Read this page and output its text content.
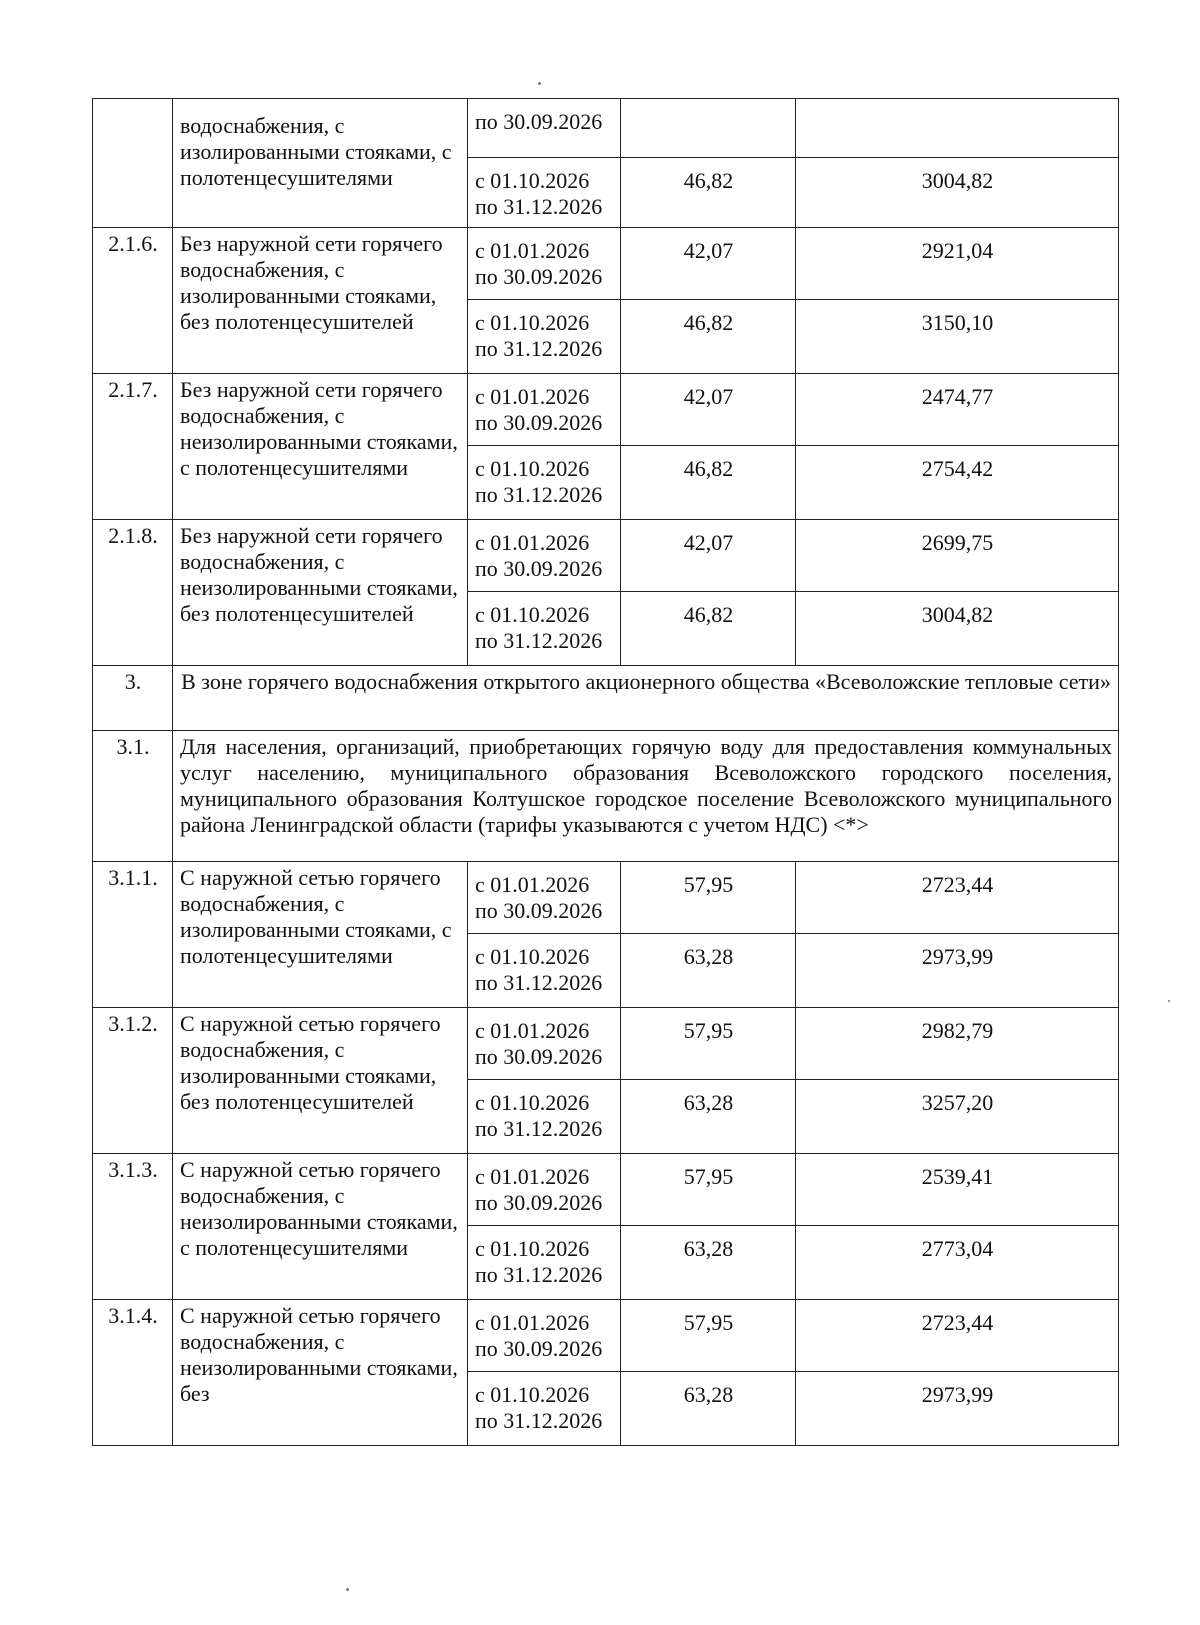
	водоснабжения, с изолированными стояками, с полотенцесушителями	по 30.09.2026		
		с 01.10.2026
по 31.12.2026	46,82	3004,82
2.1.6.	Без наружной сети горячего водоснабжения, с изолированными стояками, без полотенцесушителей	с 01.01.2026
по 30.09.2026	42,07	2921,04
		с 01.10.2026
по 31.12.2026	46,82	3150,10
2.1.7.	Без наружной сети горячего водоснабжения, с неизолированными стояками, с полотенцесушителями	с 01.01.2026
по 30.09.2026	42,07	2474,77
		с 01.10.2026
по 31.12.2026	46,82	2754,42
2.1.8.	Без наружной сети горячего водоснабжения, с неизолированными стояками, без полотенцесушителей	с 01.01.2026
по 30.09.2026	42,07	2699,75
		с 01.10.2026
по 31.12.2026	46,82	3004,82
3.	В зоне горячего водоснабжения открытого акционерного общества «Всеволожские тепловые сети»			
3.1.	Для населения, организаций, приобретающих горячую воду для предоставления коммунальных услуг населению, муниципального образования Всеволожского городского поселения, муниципального образования Колтушское городское поселение Всеволожского муниципального района Ленинградской области (тарифы указываются с учетом НДС) <*>			
3.1.1.	С наружной сетью горячего водоснабжения, с изолированными стояками, с полотенцесушителями	с 01.01.2026
по 30.09.2026	57,95	2723,44
		с 01.10.2026
по 31.12.2026	63,28	2973,99
3.1.2.	С наружной сетью горячего водоснабжения, с изолированными стояками, без полотенцесушителей	с 01.01.2026
по 30.09.2026	57,95	2982,79
		с 01.10.2026
по 31.12.2026	63,28	3257,20
3.1.3.	С наружной сетью горячего водоснабжения, с неизолированными стояками, с полотенцесушителями	с 01.01.2026
по 30.09.2026	57,95	2539,41
		с 01.10.2026
по 31.12.2026	63,28	2773,04
3.1.4.	С наружной сетью горячего водоснабжения, с неизолированными стояками, без	с 01.01.2026
по 30.09.2026	57,95	2723,44
		с 01.10.2026
по 31.12.2026	63,28	2973,99
